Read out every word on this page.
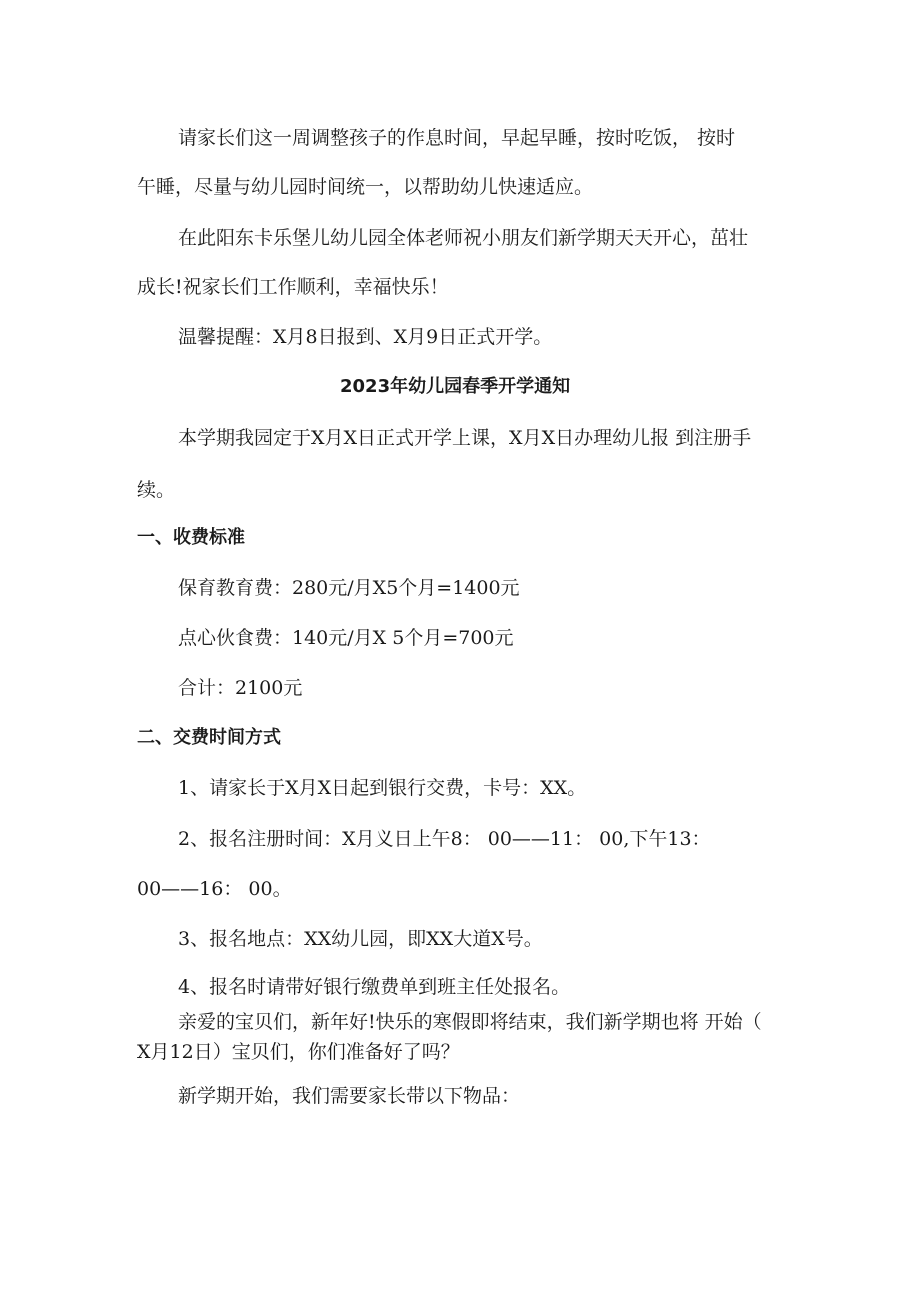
请家长们这一周调整孩子的作息时间，早起早睡，按时吃饭， 按时
午睡，尽量与幼儿园时间统一，以帮助幼儿快速适应。
在此阳东卡乐堡儿幼儿园全体老师祝小朋友们新学期天天开心，茁壮
成长!祝家长们工作顺利，幸福快乐！
温馨提醒：X月8日报到、X月9日正式开学。
2023年幼儿园春季开学通知
本学期我园定于X月X日正式开学上课，X月X日办理幼儿报 到注册手
续。
一、收费标准
保育教育费：280元/月X5个月=1400元
点心伙食费：140元/月X 5个月=700元
合计：2100元
二、交费时间方式
1、请家长于X月X日起到银行交费，卡号：XX。
2、报名注册时间：X月义日上午8： 00——11： 00,下午13：
00——16： 00。
3、报名地点：XX幼儿园，即XX大道X号。
4、报名时请带好银行缴费单到班主任处报名。
亲爱的宝贝们，新年好!快乐的寒假即将结束，我们新学期也将 开始（
X月12日）宝贝们，你们准备好了吗？
新学期开始，我们需要家长带以下物品：
